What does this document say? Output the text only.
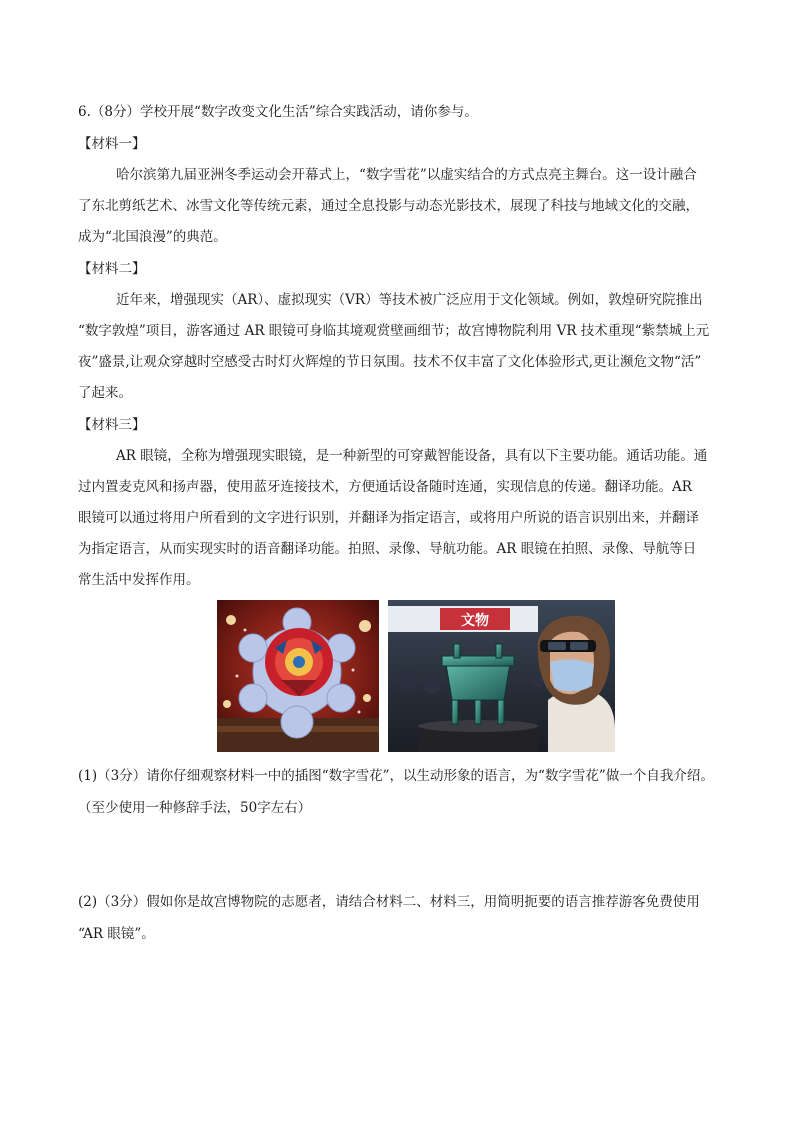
6.（8分）学校开展“数字改变文化生活”综合实践活动，请你参与。
【材料一】
哈尔滨第九届亚洲冬季运动会开幕式上，“数字雪花”以虚实结合的方式点亮主舞台。这一设计融合
了东北剪纸艺术、冰雪文化等传统元素，通过全息投影与动态光影技术，展现了科技与地域文化的交融，
成为“北国浪漫”的典范。
【材料二】
近年来，增强现实（AR）、虚拟现实（VR）等技术被广泛应用于文化领域。例如，敦煌研究院推出
“数字敦煌”项目，游客通过 AR 眼镜可身临其境观赏壁画细节；故宫博物院利用 VR 技术重现“紫禁城上元
夜”盛景,让观众穿越时空感受古时灯火辉煌的节日氛围。技术不仅丰富了文化体验形式,更让濒危文物“活”
了起来。
【材料三】
AR 眼镜，全称为增强现实眼镜，是一种新型的可穿戴智能设备，具有以下主要功能。通话功能。通
过内置麦克风和扬声器，使用蓝牙连接技术，方便通话设备随时连通，实现信息的传递。翻译功能。AR
眼镜可以通过将用户所看到的文字进行识别，并翻译为指定语言，或将用户所说的语言识别出来，并翻译
为指定语言，从而实现实时的语音翻译功能。拍照、录像、导航功能。AR 眼镜在拍照、录像、导航等日
常生活中发挥作用。
文物
(1)（3分）请你仔细观察材料一中的插图“数字雪花”，以生动形象的语言，为“数字雪花”做一个自我介绍。
（至少使用一种修辞手法，50字左右）
(2)（3分）假如你是故宫博物院的志愿者，请结合材料二、材料三，用简明扼要的语言推荐游客免费使用
“AR 眼镜”。
